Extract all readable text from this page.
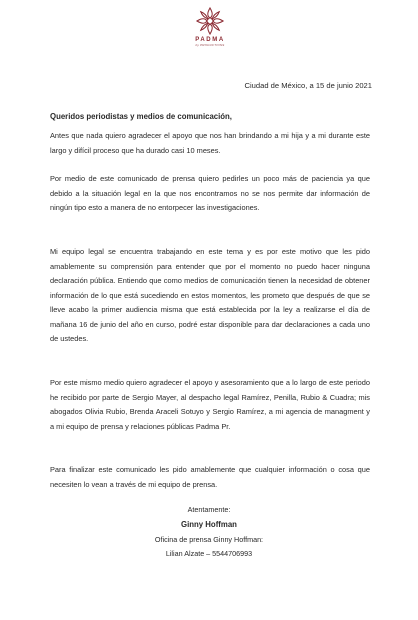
PADMA
by PRODUCTIONS
Ciudad de México, a 15 de junio 2021
Queridos periodistas y medios de comunicación,

Antes que nada quiero agradecer el apoyo que nos han brindando a mi hija y a mi durante este largo y difícil proceso que ha durado casi 10 meses.

Por medio de este comunicado de prensa quiero pedirles un poco más de paciencia ya que debido a la situación legal en la que nos encontramos no se nos permite dar información de ningún tipo esto a manera de no entorpecer las investigaciones.

Mi equipo legal se encuentra trabajando en este tema y es por este motivo que les pido amablemente su comprensión para entender que por el momento no puedo hacer ninguna declaración pública. Entiendo que como medios de comunicación tienen la necesidad de obtener información de lo que está sucediendo en estos momentos, les prometo que después de que se lleve acabo la primer audiencia misma que está establecida por la ley a realizarse el día de mañana 16 de junio del año en curso, podré estar disponible para dar declaraciones a cada uno de ustedes.

Por este mismo medio quiero agradecer el apoyo y asesoramiento que a lo largo de este periodo he recibido por parte de Sergio Mayer, al despacho legal Ramírez, Penilla, Rubio & Cuadra; mis abogados Olivia Rubio, Brenda Araceli Sotuyo y Sergio Ramírez, a mi agencia de managment y a mi equipo de prensa y relaciones públicas Padma Pr.

Para finalizar este comunicado les pido amablemente que cualquier información o cosa que necesiten lo vean a través de mi equipo de prensa.

Atentamente:
Ginny Hoffman
Oficina de prensa Ginny Hoffman:
Lilian Alzate – 5544706993
